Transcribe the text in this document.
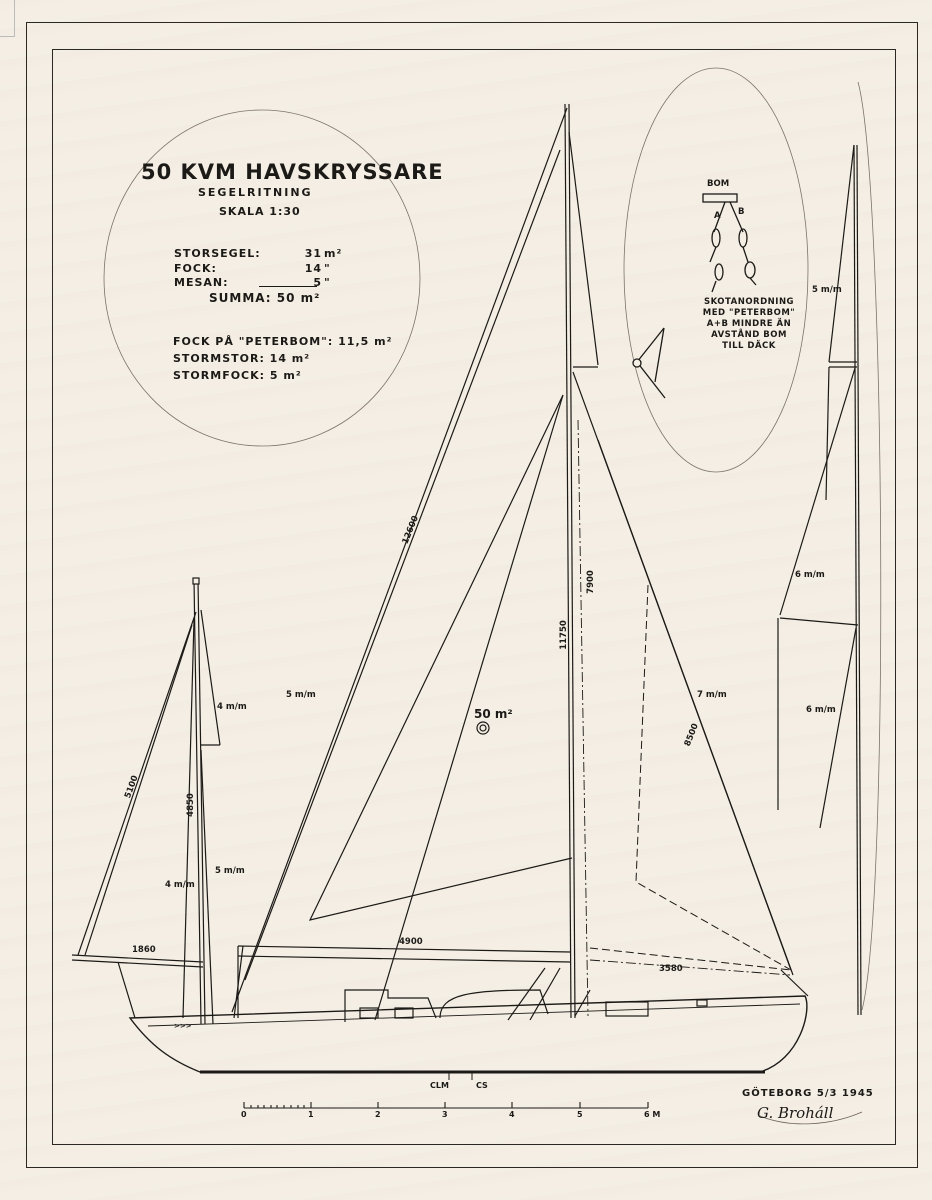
50 KVM HAVSKRYSSARE
SEGELRITNING
SKALA 1:30
STORSEGEL:	31 m²
FOCK:	14 "
MESAN:	5 "
SUMMA: 50 m²
FOCK PÅ "PETERBOM": 11,5 m²
STORMSTOR: 14 m²
STORMFOCK: 5 m²
BOM
A B
SKOTANORDNING
MED "PETERBOM"
A+B MINDRE ÄN
AVSTÅND BOM
TILL DÄCK
12600
11750
7900
50 m²
8500
7 m/m
5 m/m
4900
3580
5100
4850
1860
4 m/m
5 m/m
4 m/m
5 m/m
6 m/m
6 m/m
>>>
CLM	CS
0	1	2	3	4	5	6 M
GÖTEBORG 5/3 1945
G. Broháll
